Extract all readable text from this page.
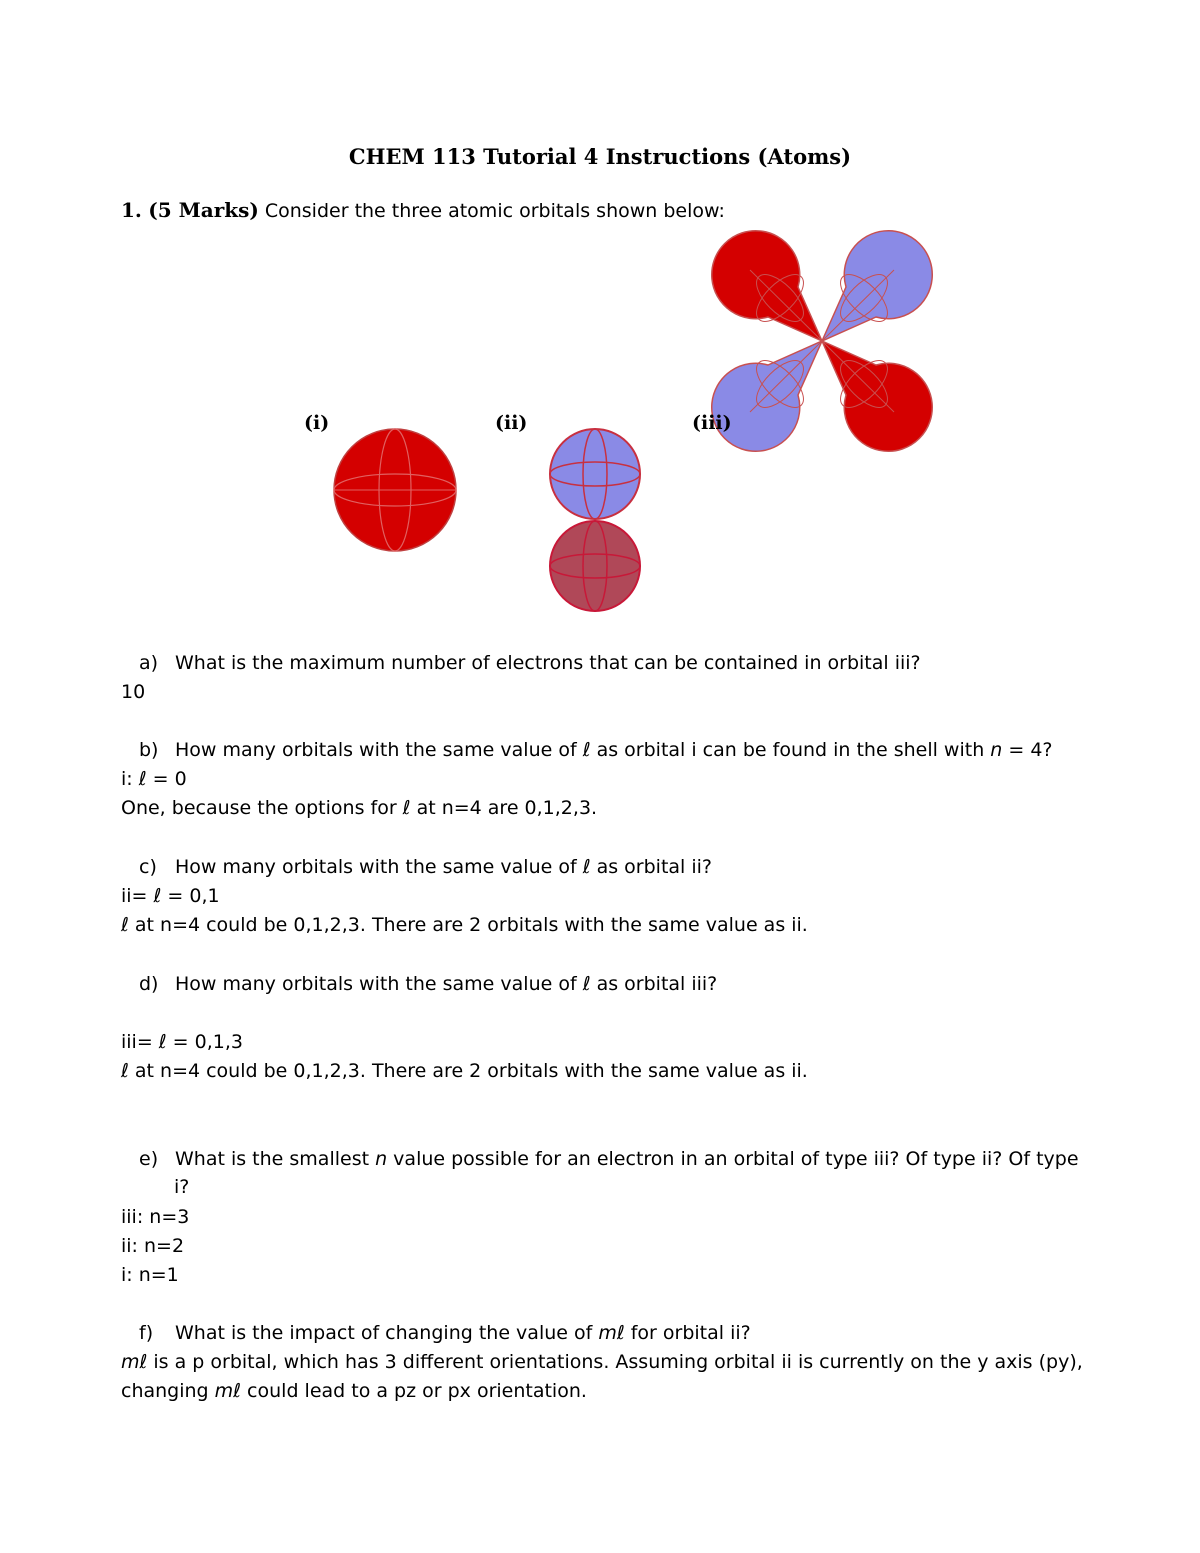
CHEM 113 Tutorial 4 Instructions (Atoms)
1. (5 Marks) Consider the three atomic orbitals shown below:
(i)	(ii)	(iii)
a) What is the maximum number of electrons that can be contained in orbital iii?
10
b) How many orbitals with the same value of ℓ as orbital i can be found in the shell with n = 4?
i: ℓ = 0
One, because the options for ℓ at n=4 are 0,1,2,3.
c) How many orbitals with the same value of ℓ as orbital ii?
ii= ℓ = 0,1
ℓ at n=4 could be 0,1,2,3. There are 2 orbitals with the same value as ii.
d) How many orbitals with the same value of ℓ as orbital iii?
iii= ℓ = 0,1,3
ℓ at n=4 could be 0,1,2,3. There are 2 orbitals with the same value as ii.
e) What is the smallest n value possible for an electron in an orbital of type iii? Of type ii? Of type
i?
iii: n=3
ii: n=2
i: n=1
f) What is the impact of changing the value of mℓ for orbital ii?
mℓ is a p orbital, which has 3 different orientations. Assuming orbital ii is currently on the y axis (py),
changing mℓ could lead to a pz or px orientation.
